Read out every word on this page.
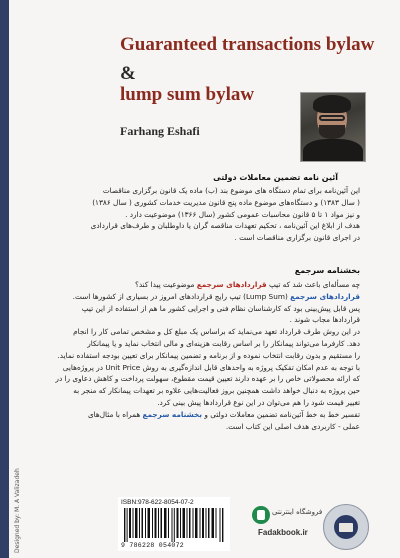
Guaranteed transactions bylaw
&
lump sum bylaw
Farhang Eshafi
آئین نامه تضمین معاملات دولتی
این آئین‌نامه برای تمام دستگاه های موضوع بند (ب) ماده یک قانون برگزاری مناقصات
( سال ۱۳۸۳) و دستگاه‌های موضوع ماده پنج قانون مدیریت خدمات کشوری ( سال ۱۳۸۶)
و نیز مواد ۱ تا ۵ قانون محاسبات عمومی کشور (سال ۱۳۶۶) موضوعیت دارد .
هدف از ابلاغ این آئین‌نامه ، تحکیم تعهدات مناقصه گران یا داوطلبان و طرف‌های قراردادی
در اجرای قانون برگزاری مناقصات است .
بخشنامه سرجمع
چه مسأله‌ای باعث شد که تیپ قراردادهای سرجمع موضوعیت پیدا کند؟
قراردادهای سرجمع (Lump Sum) تیپ رایج قراردادهای امروز در بسیاری از کشورها است.
پس قابل پیش‌بینی بود که کارشناسان نظام فنی و اجرایی کشور ما هم از استفاده از این تیپ
قراردادها مجاب شوند .
در این روش طرف قرارداد تعهد می‌نماید که براساس یک مبلغ کل و مشخص تمامی کار را انجام
دهد. کارفرما می‌تواند پیمانکار را بر اساس رقابت هزینه‌ای و مالی انتخاب نماید و یا پیمانکار
را مستقیم و بدون رقابت انتخاب نموده و از برنامه و تضمین پیمانکار برای تعیین بودجه استفاده نماید.
با توجه به عدم امکان تفکیک پروژه به واحدهای قابل اندازه‌گیری به روش Unit Price در پروژه‌هایی
که ارائه محصولاتی خاص را بر عهده دارند تعیین قیمت مقطوع، سهولت پرداخت و کاهش دعاوی را در
حین پروژه به دنبال خواهد داشت همچنین بروز فعالیت‌هایی علاوه بر تعهدات پیمانکار که منجر به
تغییر قیمت شود را هم می‌توان در این نوع قراردادها پیش بینی کرد.
تفسیر خط به خط آئین‌نامه تضمین معاملات دولتی و بخشنامه سرجمع همراه با مثال‌های
عملی - کاربردی هدف اصلی این کتاب است.
Designed by: M. A Valizadeh	ISBN:978-622-8054-07-2
9 786228 054072
فروشگاه اینترنتی
Fadakbook.ir
